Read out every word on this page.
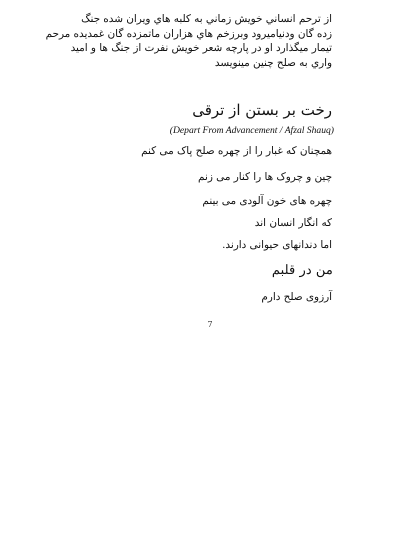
از ترحم انساني خويش زماني به کلبه هاي ويران شده جنگ
زده گان ودنياميرود وبرزخم هاي هزاران ماتمزده گان غمديده مرحم
تيمار ميگذارد او در پارچه شعر خويش نفرت از جنگ ها و اميد
واري به صلح چنين مينويسد
رخت بر بستن از ترقی
(Depart From Advancement / Afzal Shauq)
همچنان که غبار را از چهره صلح پاک می کنم
چین و چروک ها را کنار می زنم
چهره های خون آلودی می بینم
که انگار انسان اند
اما دندانهای حیوانی دارند.
من در قلبم
آرزوی صلح دارم
7
